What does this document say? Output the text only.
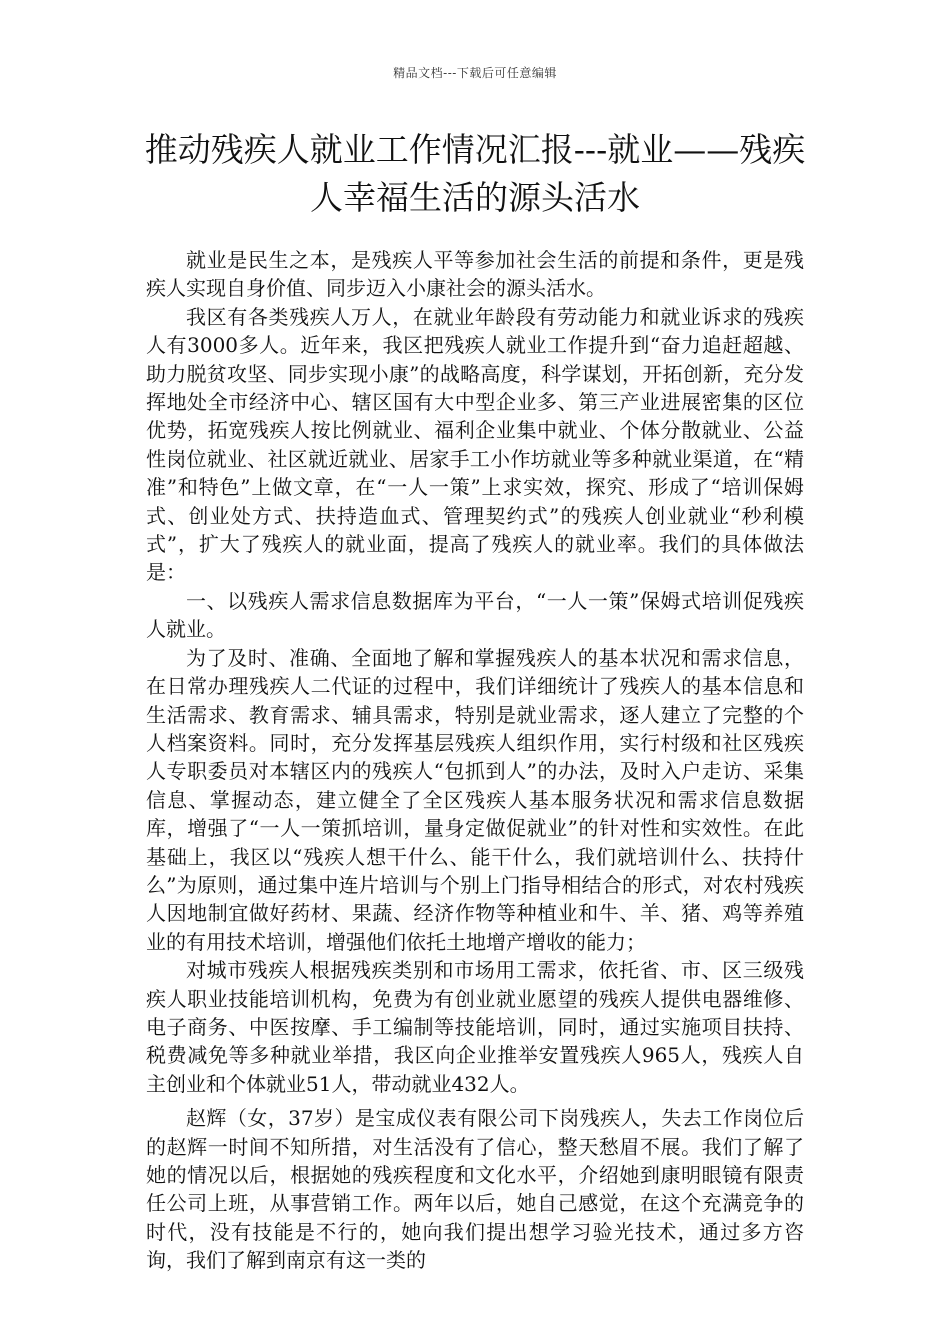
精品文档---下载后可任意编辑
推动残疾人就业工作情况汇报---就业——残疾人幸福生活的源头活水

就业是民生之本，是残疾人平等参加社会生活的前提和条件，更是残疾人实现自身价值、同步迈入小康社会的源头活水。

我区有各类残疾人万人，在就业年龄段有劳动能力和就业诉求的残疾人有3000多人。近年来，我区把残疾人就业工作提升到“奋力追赶超越、助力脱贫攻坚、同步实现小康”的战略高度，科学谋划，开拓创新，充分发挥地处全市经济中心、辖区国有大中型企业多、第三产业进展密集的区位优势，拓宽残疾人按比例就业、福利企业集中就业、个体分散就业、公益性岗位就业、社区就近就业、居家手工小作坊就业等多种就业渠道，在“精准”和特色”上做文章，在“一人一策”上求实效，探究、形成了“培训保姆式、创业处方式、扶持造血式、管理契约式”的残疾人创业就业“秒利模式”，扩大了残疾人的就业面，提高了残疾人的就业率。我们的具体做法是：

一、以残疾人需求信息数据库为平台，“一人一策”保姆式培训促残疾人就业。

为了及时、准确、全面地了解和掌握残疾人的基本状况和需求信息，在日常办理残疾人二代证的过程中，我们详细统计了残疾人的基本信息和生活需求、教育需求、辅具需求，特别是就业需求，逐人建立了完整的个人档案资料。同时，充分发挥基层残疾人组织作用，实行村级和社区残疾人专职委员对本辖区内的残疾人“包抓到人”的办法，及时入户走访、采集信息、掌握动态，建立健全了全区残疾人基本服务状况和需求信息数据库，增强了“一人一策抓培训，量身定做促就业”的针对性和实效性。在此基础上，我区以“残疾人想干什么、能干什么，我们就培训什么、扶持什么”为原则，通过集中连片培训与个别上门指导相结合的形式，对农村残疾人因地制宜做好药材、果蔬、经济作物等种植业和牛、羊、猪、鸡等养殖业的有用技术培训，增强他们依托土地增产增收的能力；

对城市残疾人根据残疾类别和市场用工需求，依托省、市、区三级残疾人职业技能培训机构，免费为有创业就业愿望的残疾人提供电器维修、电子商务、中医按摩、手工编制等技能培训，同时，通过实施项目扶持、税费减免等多种就业举措，我区向企业推举安置残疾人965人，残疾人自主创业和个体就业51人，带动就业432人。

赵辉（女，37岁）是宝成仪表有限公司下岗残疾人，失去工作岗位后的赵辉一时间不知所措，对生活没有了信心，整天愁眉不展。我们了解了她的情况以后，根据她的残疾程度和文化水平，介绍她到康明眼镜有限责任公司上班，从事营销工作。两年以后，她自己感觉，在这个充满竞争的时代，没有技能是不行的，她向我们提出想学习验光技术，通过多方咨询，我们了解到南京有这一类的
